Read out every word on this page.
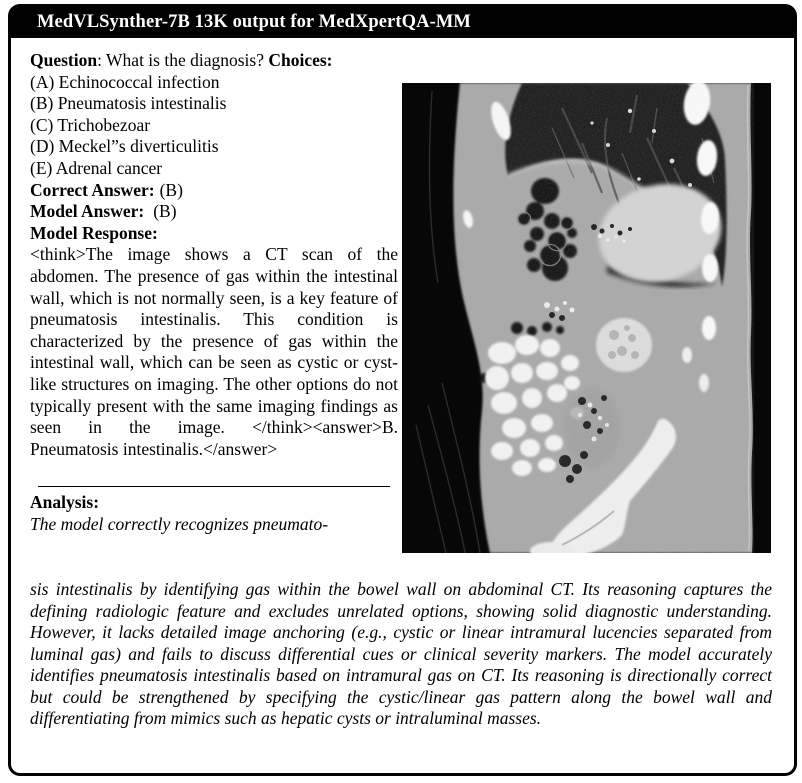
MedVLSynther-7B 13K output for MedXpertQA-MM

Question: What is the diagnosis? Choices:

(A) Echinococcal infection

(B) Pneumatosis intestinalis

(C) Trichobezoar

(D) Meckel”s diverticulitis

(E) Adrenal cancer

Correct Answer: (B)

Model Answer: (B)

Model Response:

<think>The image shows a CT scan of the abdomen. The presence of gas within the intestinal wall, which is not normally seen, is a key feature of pneumatosis intestinalis. This condition is characterized by the presence of gas within the intestinal wall, which can be seen as cystic or cyst-like structures on imaging. The other options do not typically present with the same imaging findings as seen in the image. </think><answer>B. Pneumatosis intestinalis.</answer>

Analysis:

The model correctly recognizes pneumato-

sis intestinalis by identifying gas within the bowel wall on abdominal CT. Its reasoning captures the defining radiologic feature and excludes unrelated options, showing solid diagnostic understanding. However, it lacks detailed image anchoring (e.g., cystic or linear intramural lucencies separated from luminal gas) and fails to discuss differential cues or clinical severity markers. The model accurately identifies pneumatosis intestinalis based on intramural gas on CT. Its reasoning is directionally correct but could be strengthened by specifying the cystic/linear gas pattern along the bowel wall and differentiating from mimics such as hepatic cysts or intraluminal masses.
